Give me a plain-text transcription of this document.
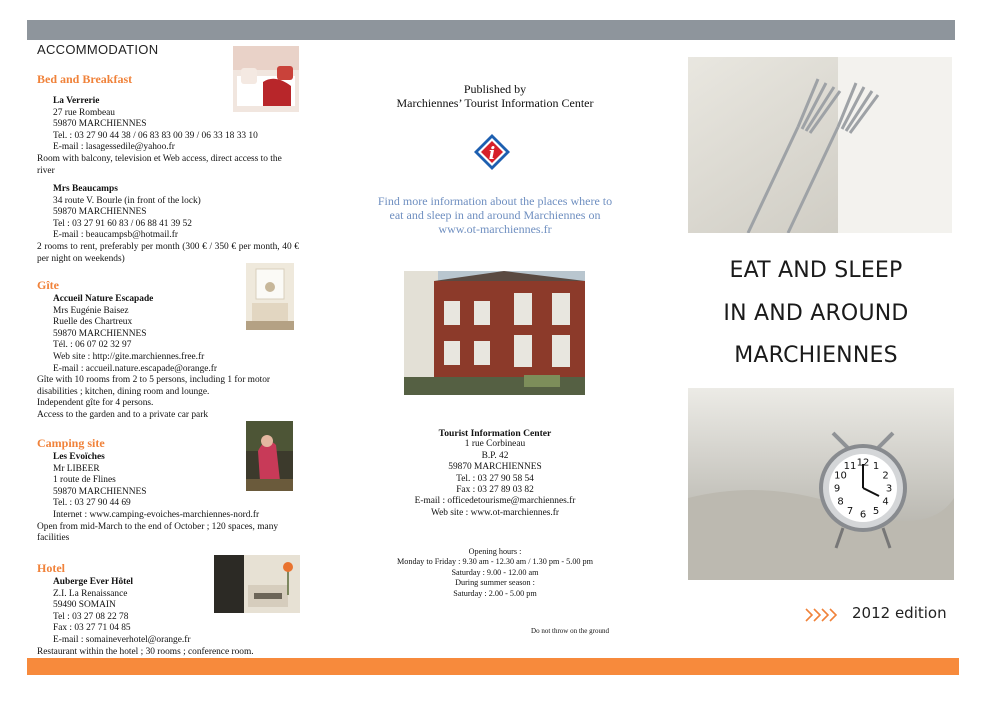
ACCOMMODATION
Bed and Breakfast
La Verrerie
27 rue Rombeau
59870 MARCHIENNES
Tel. : 03 27 90 44 38 / 06 83 83 00 39 / 06 33 18 33 10
E-mail : lasagessedile@yahoo.fr
Room with balcony, television et Web access, direct access to the river
Mrs Beaucamps
34 route V. Bourle (in front of the lock)
59870 MARCHIENNES
Tel : 03 27 91 60 83 / 06 88 41 39 52
E-mail : beaucampsb@hotmail.fr
2 rooms to rent, preferably per month (300 € / 350 € per month, 40 € per night on weekends)
Gîte
Accueil Nature Escapade
Mrs Eugénie Baisez
Ruelle des Chartreux
59870 MARCHIENNES
Tél. : 06 07 02 32 97
Web site : http://gite.marchiennes.free.fr
E-mail : accueil.nature.escapade@orange.fr
Gîte with 10 rooms from 2 to 5 persons, including 1 for motor disabilities ; kitchen, dining room and lounge.
Independent gîte for 4 persons.
Access to the garden and to a private car park
Camping site
Les Evoïches
Mr LIBEER
1 route de Flines
59870 MARCHIENNES
Tel. : 03 27 90 44 69
Internet : www.camping-evoiches-marchiennes-nord.fr
Open from mid-March to the end of October ; 120 spaces, many facilities
Hotel
Auberge Ever Hôtel
Z.I. La Renaissance
59490 SOMAIN
Tel : 03 27 08 22 78
Fax : 03 27 71 04 85
E-mail : somaineverhotel@orange.fr
Restaurant within the hotel ; 30 rooms ; conference room.
Published by
Marchiennes’ Tourist Information Center
i
Find more information about the places where to
eat and sleep in and around Marchiennes on
www.ot-marchiennes.fr
Tourist Information Center
1 rue Corbineau
B.P. 42
59870 MARCHIENNES
Tel. : 03 27 90 58 54
Fax : 03 27 89 03 82
E-mail : officedetourisme@marchiennes.fr
Web site : www.ot-marchiennes.fr
Opening hours :
Monday to Friday : 9.30 am - 12.30 am / 1.30 pm - 5.00 pm
Saturday : 9.00 - 12.00 am
During summer season :
Saturday : 2.00 - 5.00 pm
Do not throw on the ground
EAT AND SLEEP
IN AND AROUND
MARCHIENNES
12 1
2
3
4
5
6
7
8
9
10
11
2012 edition
